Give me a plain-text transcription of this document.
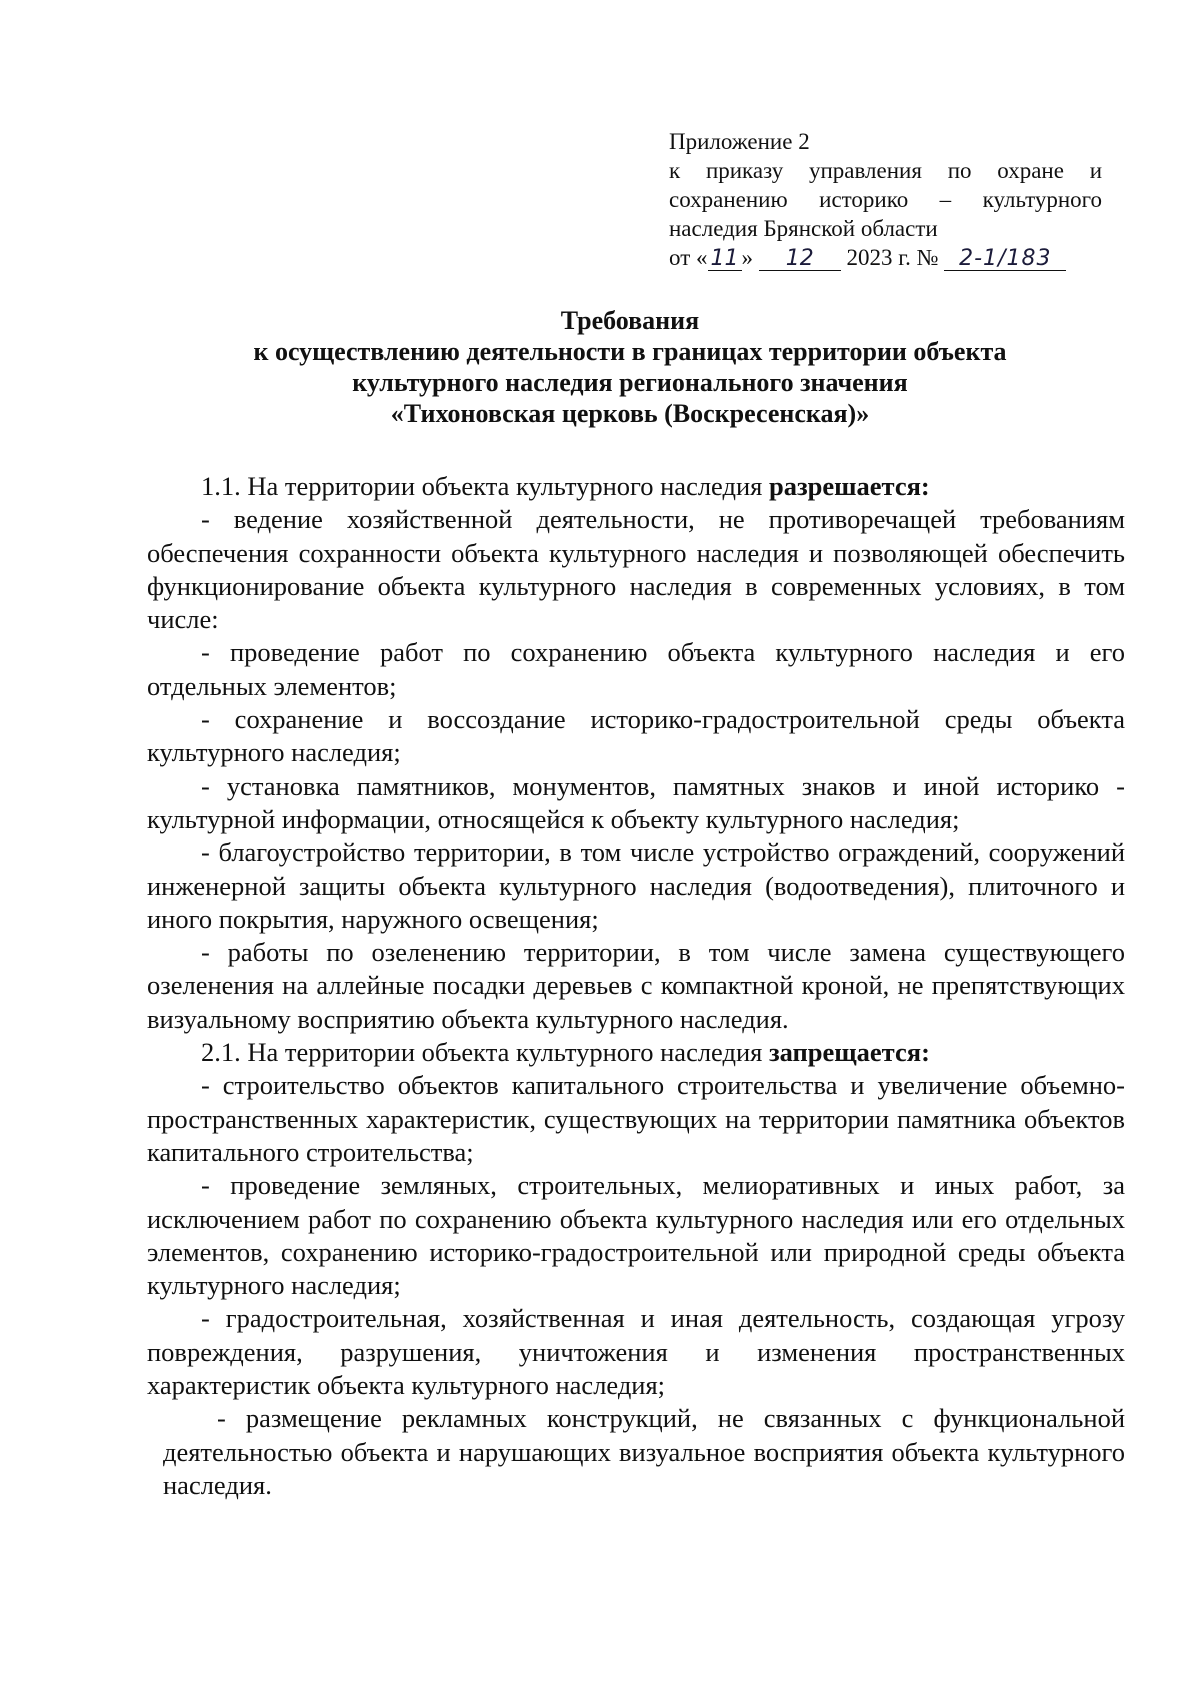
Приложение 2
к приказу управления по охране и
сохранению историко – культурного
наследия Брянской области
от « 11 » 12 2023 г. № 2-1/183
Требования
к осуществлению деятельности в границах территории объекта
культурного наследия регионального значения
«Тихоновская церковь (Воскресенская)»

1.1. На территории объекта культурного наследия разрешается:

- ведение хозяйственной деятельности, не противоречащей требованиям обеспечения сохранности объекта культурного наследия и позволяющей обеспечить функционирование объекта культурного наследия в современных условиях, в том числе:

- проведение работ по сохранению объекта культурного наследия и его отдельных элементов;

- сохранение и воссоздание историко-градостроительной среды объекта культурного наследия;

- установка памятников, монументов, памятных знаков и иной историко - культурной информации, относящейся к объекту культурного наследия;

- благоустройство территории, в том числе устройство ограждений, сооружений инженерной защиты объекта культурного наследия (водоотведения), плиточного и иного покрытия, наружного освещения;

- работы по озеленению территории, в том числе замена существующего озеленения на аллейные посадки деревьев с компактной кроной, не препятствующих визуальному восприятию объекта культурного наследия.

2.1. На территории объекта культурного наследия запрещается:

- строительство объектов капитального строительства и увеличение объемно-пространственных характеристик, существующих на территории памятника объектов капитального строительства;

- проведение земляных, строительных, мелиоративных и иных работ, за исключением работ по сохранению объекта культурного наследия или его отдельных элементов, сохранению историко-градостроительной или природной среды объекта культурного наследия;

- градостроительная, хозяйственная и иная деятельность, создающая угрозу повреждения, разрушения, уничтожения и изменения пространственных характеристик объекта культурного наследия;

- размещение рекламных конструкций, не связанных с функциональной деятельностью объекта и нарушающих визуальное восприятия объекта культурного наследия.
